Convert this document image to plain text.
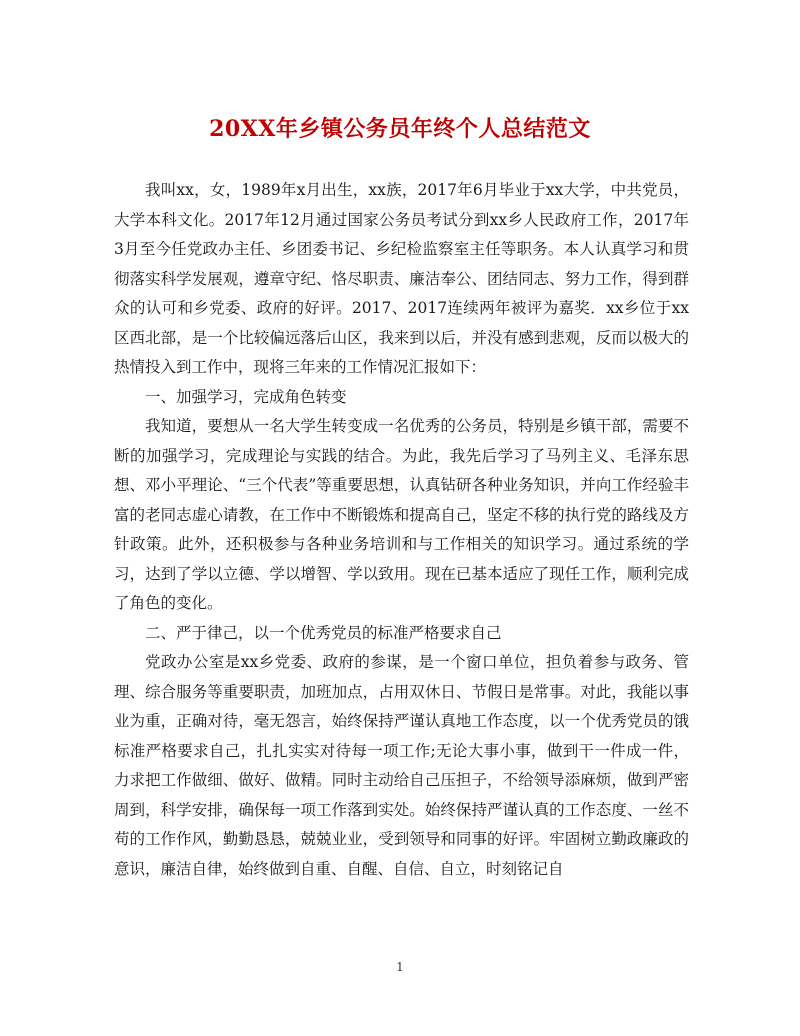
20XX年乡镇公务员年终个人总结范文

我叫xx，女，1989年x月出生，xx族，2017年6月毕业于xx大学，中共党员，大学本科文化。2017年12月通过国家公务员考试分到xx乡人民政府工作，2017年3月至今任党政办主任、乡团委书记、乡纪检监察室主任等职务。本人认真学习和贯彻落实科学发展观，遵章守纪、恪尽职责、廉洁奉公、团结同志、努力工作，得到群众的认可和乡党委、政府的好评。2017、2017连续两年被评为嘉奖．xx乡位于xx区西北部，是一个比较偏远落后山区，我来到以后，并没有感到悲观，反而以极大的热情投入到工作中，现将三年来的工作情况汇报如下：

一、加强学习，完成角色转变

我知道，要想从一名大学生转变成一名优秀的公务员，特别是乡镇干部，需要不断的加强学习，完成理论与实践的结合。为此，我先后学习了马列主义、毛泽东思想、邓小平理论、“三个代表”等重要思想，认真钻研各种业务知识，并向工作经验丰富的老同志虚心请教，在工作中不断锻炼和提高自己，坚定不移的执行党的路线及方针政策。此外，还积极参与各种业务培训和与工作相关的知识学习。通过系统的学习，达到了学以立德、学以增智、学以致用。现在已基本适应了现任工作，顺利完成了角色的变化。

二、严于律己，以一个优秀党员的标准严格要求自己

党政办公室是xx乡党委、政府的参谋，是一个窗口单位，担负着参与政务、管理、综合服务等重要职责，加班加点，占用双休日、节假日是常事。对此，我能以事业为重，正确对待，毫无怨言，始终保持严谨认真地工作态度，以一个优秀党员的饿标准严格要求自己，扎扎实实对待每一项工作;无论大事小事，做到干一件成一件，力求把工作做细、做好、做精。同时主动给自己压担子，不给领导添麻烦，做到严密周到，科学安排，确保每一项工作落到实处。始终保持严谨认真的工作态度、一丝不苟的工作作风，勤勤恳恳，兢兢业业，受到领导和同事的好评。牢固树立勤政廉政的意识，廉洁自律，始终做到自重、自醒、自信、自立，时刻铭记自

1
